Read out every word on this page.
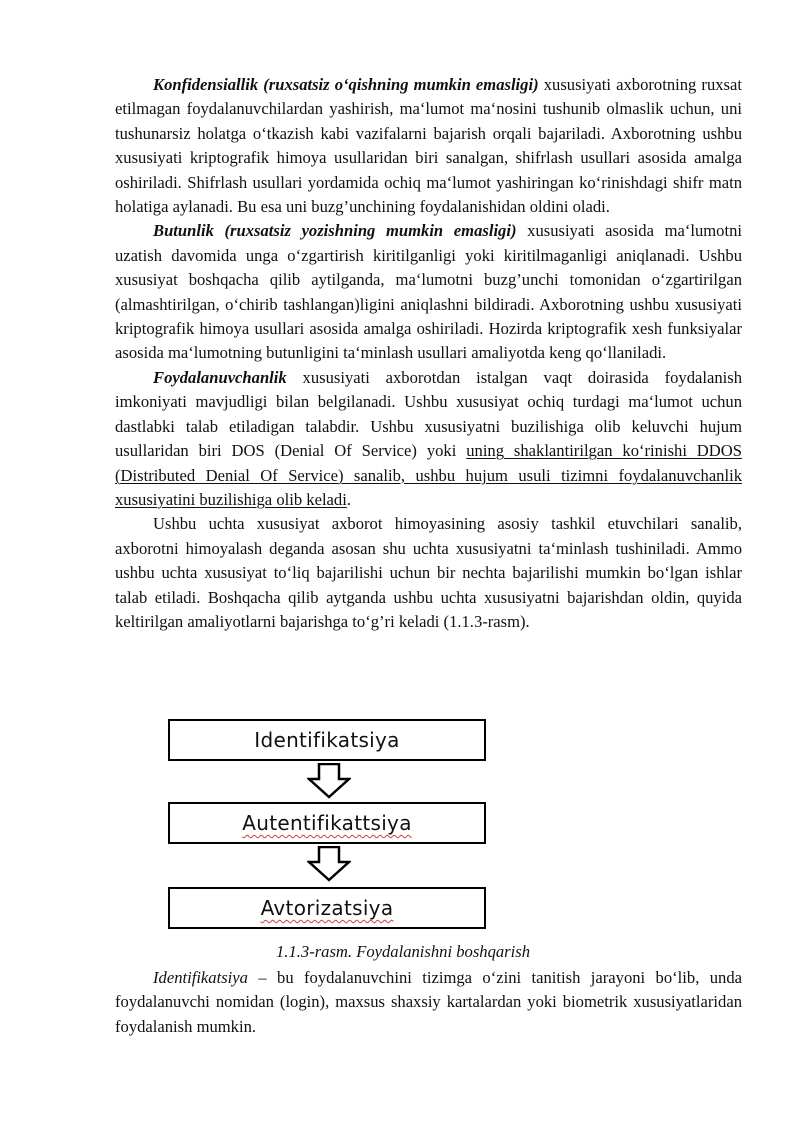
Konfidensiallik (ruxsatsiz o‘qishning mumkin emasligi) xususiyati axborotning ruxsat etilmagan foydalanuvchilardan yashirish, ma‘lumot ma‘nosini tushunib olmaslik uchun, uni tushunarsiz holatga o‘tkazish kabi vazifalarni bajarish orqali bajariladi. Axborotning ushbu xususiyati kriptografik himoya usullaridan biri sanalgan, shifrlash usullari asosida amalga oshiriladi. Shifrlash usullari yordamida ochiq ma‘lumot yashiringan ko‘rinishdagi shifr matn holatiga aylanadi. Bu esa uni buzg’unchining foydalanishidan oldini oladi.

Butunlik (ruxsatsiz yozishning mumkin emasligi) xususiyati asosida ma‘lumotni uzatish davomida unga o‘zgartirish kiritilganligi yoki kiritilmaganligi aniqlanadi. Ushbu xususiyat boshqacha qilib aytilganda, ma‘lumotni buzg’unchi tomonidan o‘zgartirilgan (almashtirilgan, o‘chirib tashlangan)ligini aniqlashni bildiradi. Axborotning ushbu xususiyati kriptografik himoya usullari asosida amalga oshiriladi. Hozirda kriptografik xesh funksiyalar asosida ma‘lumotning butunligini ta‘minlash usullari amaliyotda keng qo‘llaniladi.

Foydalanuvchanlik xususiyati axborotdan istalgan vaqt doirasida foydalanish imkoniyati mavjudligi bilan belgilanadi. Ushbu xususiyat ochiq turdagi ma‘lumot uchun dastlabki talab etiladigan talabdir. Ushbu xususiyatni buzilishiga olib keluvchi hujum usullaridan biri DOS (Denial Of Service) yoki uning shaklantirilgan ko‘rinishi DDOS (Distributed Denial Of Service) sanalib, ushbu hujum usuli tizimni foydalanuvchanlik xususiyatini buzilishiga olib keladi.

Ushbu uchta xususiyat axborot himoyasining asosiy tashkil etuvchilari sanalib, axborotni himoyalash deganda asosan shu uchta xususiyatni ta‘minlash tushiniladi. Ammo ushbu uchta xususiyat to‘liq bajarilishi uchun bir nechta bajarilishi mumkin bo‘lgan ishlar talab etiladi. Boshqacha qilib aytganda ushbu uchta xususiyatni bajarishdan oldin, quyida keltirilgan amaliyotlarni bajarishga to‘g’ri keladi (1.1.3-rasm).

Identifikatsiya
Autentifikattsiya
Avtorizatsiya
1.1.3-rasm. Foydalanishni boshqarish

Identifikatsiya – bu foydalanuvchini tizimga o‘zini tanitish jarayoni bo‘lib, unda foydalanuvchi nomidan (login), maxsus shaxsiy kartalardan yoki biometrik xususiyatlaridan foydalanish mumkin.
